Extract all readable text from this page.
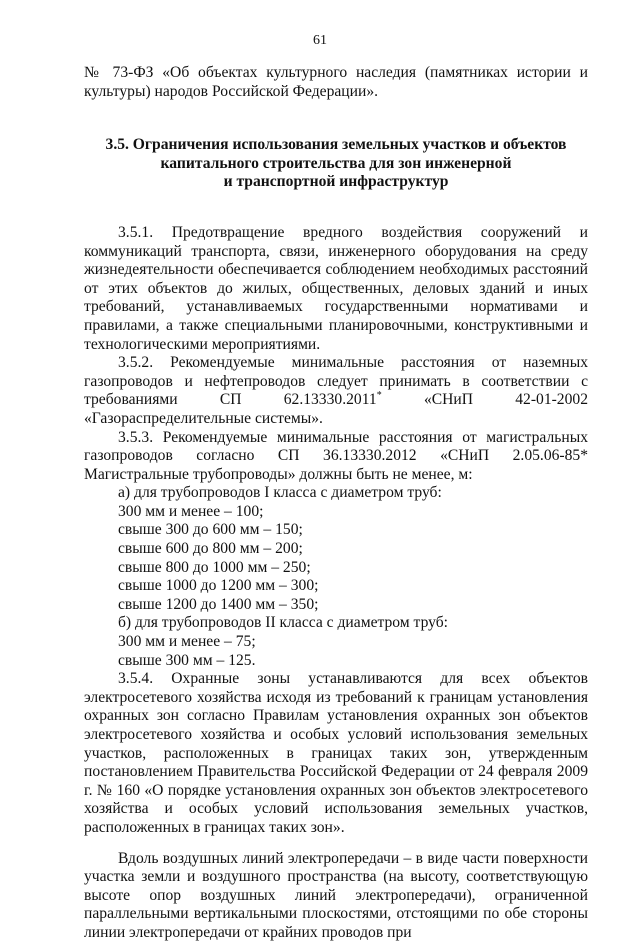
61

№ 73-ФЗ «Об объектах культурного наследия (памятниках истории и культуры) народов Российской Федерации».

3.5. Ограничения использования земельных участков и объектов
капитального строительства для зон инженерной
и транспортной инфраструктур

3.5.1. Предотвращение вредного воздействия сооружений и коммуникаций транспорта, связи, инженерного оборудования на среду жизнедеятельности обеспечивается соблюдением необходимых расстояний от этих объектов до жилых, общественных, деловых зданий и иных требований, устанавливаемых государственными нормативами и правилами, а также специальными планировочными, конструктивными и технологическими мероприятиями.

3.5.2. Рекомендуемые минимальные расстояния от наземных газопроводов и нефтепроводов следует принимать в соответствии с требованиями СП 62.13330.2011* «СНиП 42-01-2002 «Газораспределительные системы».

3.5.3. Рекомендуемые минимальные расстояния от магистральных газопроводов согласно СП 36.13330.2012 «СНиП 2.05.06-85* Магистральные трубопроводы» должны быть не менее, м:

а) для трубопроводов I класса с диаметром труб:
300 мм и менее – 100;
свыше 300 до 600 мм – 150;
свыше 600 до 800 мм – 200;
свыше 800 до 1000 мм – 250;
свыше 1000 до 1200 мм – 300;
свыше 1200 до 1400 мм – 350;
б) для трубопроводов II класса с диаметром труб:
300 мм и менее – 75;
свыше 300 мм – 125.

3.5.4. Охранные зоны устанавливаются для всех объектов электросетевого хозяйства исходя из требований к границам установления охранных зон согласно Правилам установления охранных зон объектов электросетевого хозяйства и особых условий использования земельных участков, расположенных в границах таких зон, утвержденным постановлением Правительства Российской Федерации от 24 февраля 2009 г. № 160 «О порядке установления охранных зон объектов электросетевого хозяйства и особых условий использования земельных участков, расположенных в границах таких зон».

Вдоль воздушных линий электропередачи – в виде части поверхности участка земли и воздушного пространства (на высоту, соответствующую высоте опор воздушных линий электропередачи), ограниченной параллельными вертикальными плоскостями, отстоящими по обе стороны линии электропередачи от крайних проводов при
